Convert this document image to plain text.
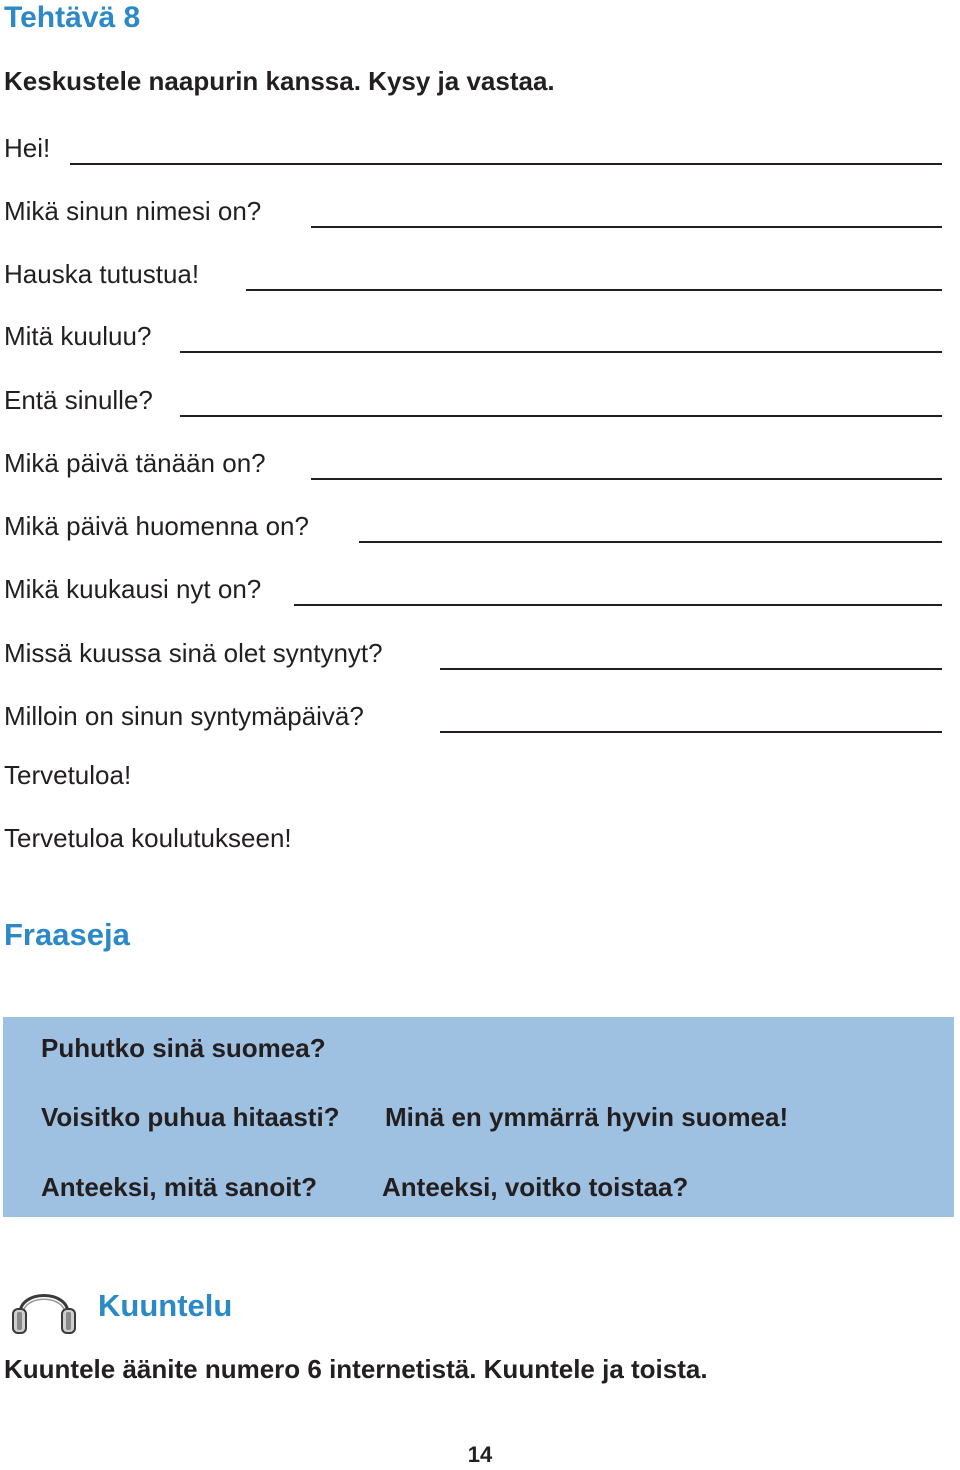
Tehtävä 8
Keskustele naapurin kanssa. Kysy ja vastaa.
Hei!
Mikä sinun nimesi on?
Hauska tutustua!
Mitä kuuluu?
Entä sinulle?
Mikä päivä tänään on?
Mikä päivä huomenna on?
Mikä kuukausi nyt on?
Missä kuussa sinä olet syntynyt?
Milloin on sinun syntymäpäivä?
Tervetuloa!
Tervetuloa koulutukseen!
Fraaseja
Puhutko sinä suomea?
Voisitko puhua hitaasti? Minä en ymmärrä hyvin suomea!
Anteeksi, mitä sanoit?	Anteeksi, voitko toistaa?
Kuuntelu
Kuuntele äänite numero 6 internetistä. Kuuntele ja toista.
14
